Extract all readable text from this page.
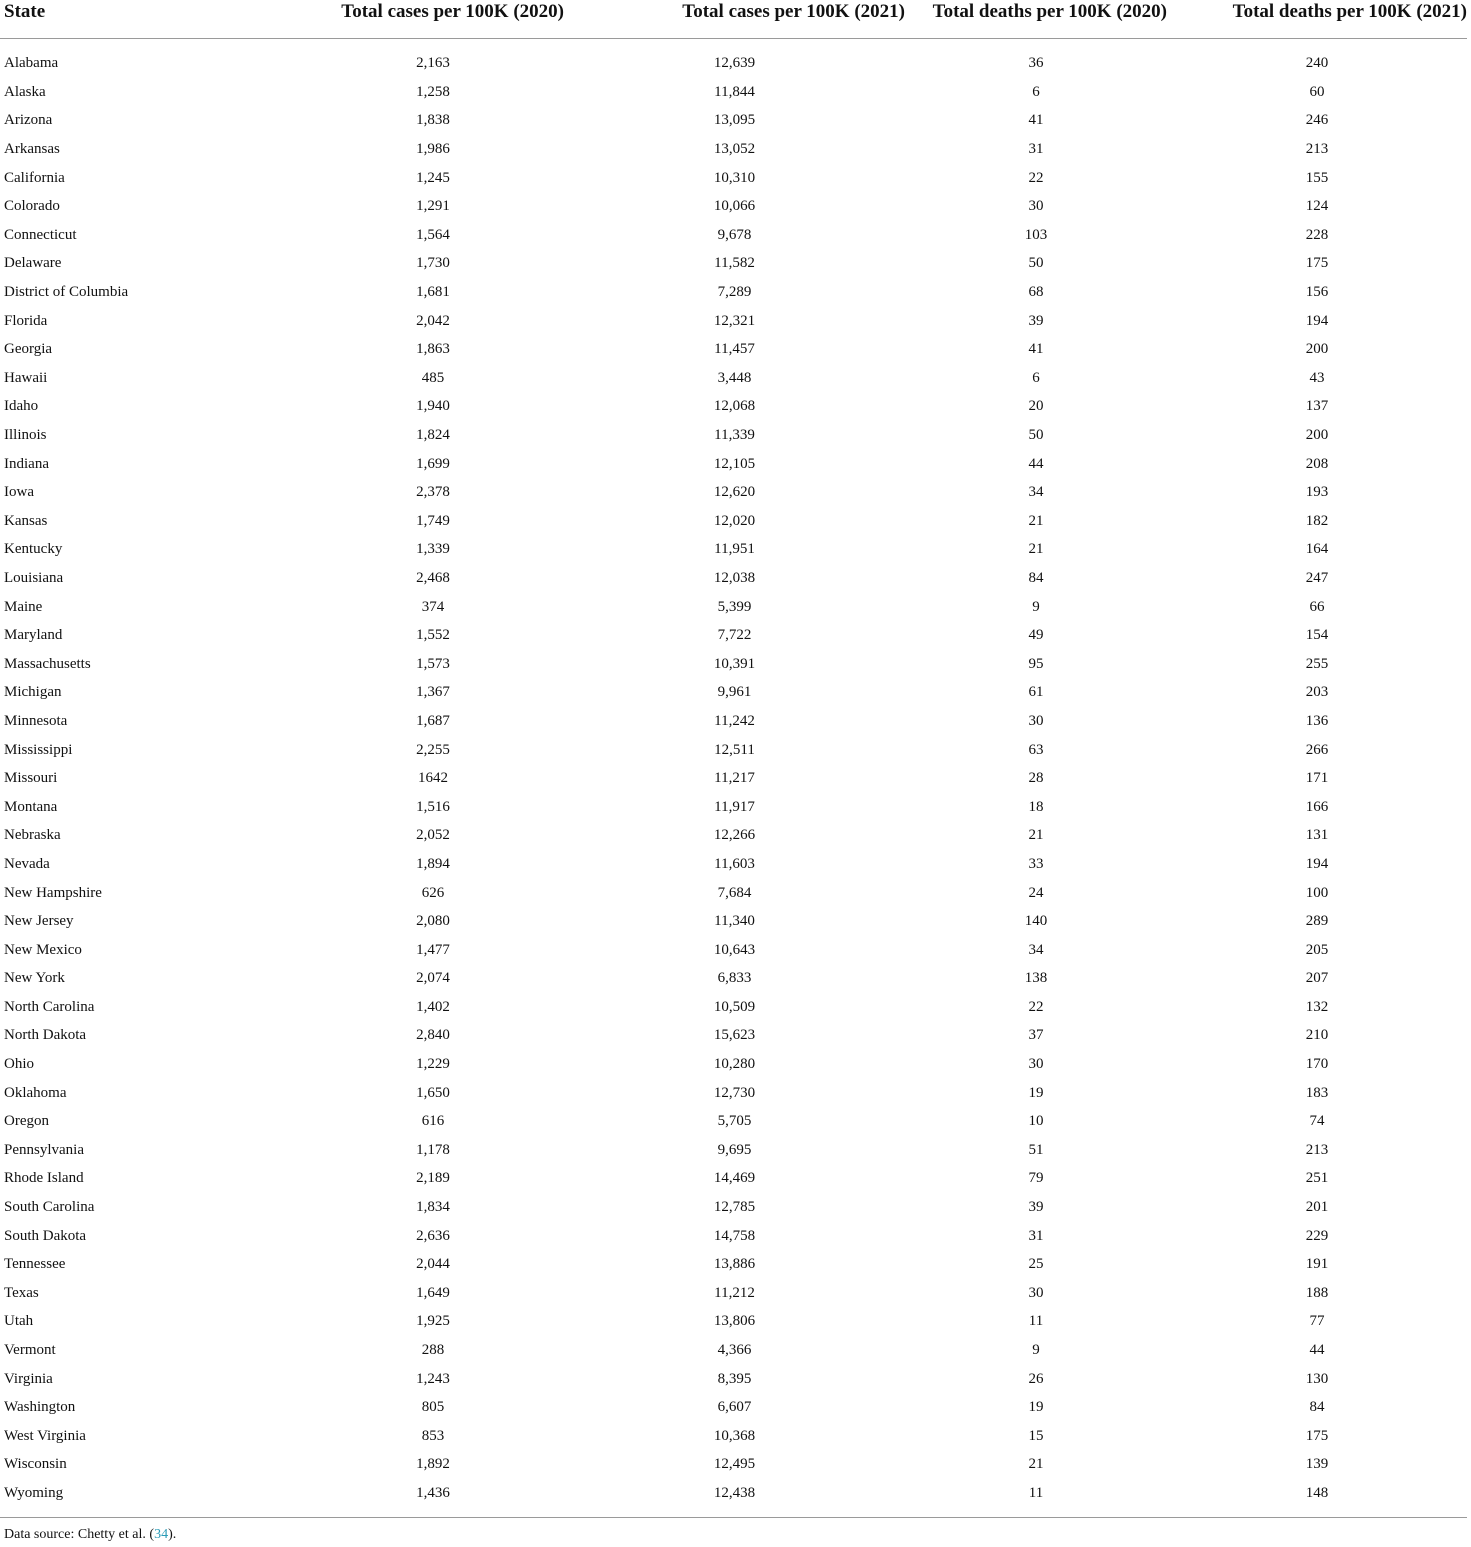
State	Total cases per 100K (2020)	Total cases per 100K (2021)	Total deaths per 100K (2020)	Total deaths per 100K (2021)
Alabama	2,163	12,639	36	240
Alaska	1,258	11,844	6	60
Arizona	1,838	13,095	41	246
Arkansas	1,986	13,052	31	213
California	1,245	10,310	22	155
Colorado	1,291	10,066	30	124
Connecticut	1,564	9,678	103	228
Delaware	1,730	11,582	50	175
District of Columbia	1,681	7,289	68	156
Florida	2,042	12,321	39	194
Georgia	1,863	11,457	41	200
Hawaii	485	3,448	6	43
Idaho	1,940	12,068	20	137
Illinois	1,824	11,339	50	200
Indiana	1,699	12,105	44	208
Iowa	2,378	12,620	34	193
Kansas	1,749	12,020	21	182
Kentucky	1,339	11,951	21	164
Louisiana	2,468	12,038	84	247
Maine	374	5,399	9	66
Maryland	1,552	7,722	49	154
Massachusetts	1,573	10,391	95	255
Michigan	1,367	9,961	61	203
Minnesota	1,687	11,242	30	136
Mississippi	2,255	12,511	63	266
Missouri	1642	11,217	28	171
Montana	1,516	11,917	18	166
Nebraska	2,052	12,266	21	131
Nevada	1,894	11,603	33	194
New Hampshire	626	7,684	24	100
New Jersey	2,080	11,340	140	289
New Mexico	1,477	10,643	34	205
New York	2,074	6,833	138	207
North Carolina	1,402	10,509	22	132
North Dakota	2,840	15,623	37	210
Ohio	1,229	10,280	30	170
Oklahoma	1,650	12,730	19	183
Oregon	616	5,705	10	74
Pennsylvania	1,178	9,695	51	213
Rhode Island	2,189	14,469	79	251
South Carolina	1,834	12,785	39	201
South Dakota	2,636	14,758	31	229
Tennessee	2,044	13,886	25	191
Texas	1,649	11,212	30	188
Utah	1,925	13,806	11	77
Vermont	288	4,366	9	44
Virginia	1,243	8,395	26	130
Washington	805	6,607	19	84
West Virginia	853	10,368	15	175
Wisconsin	1,892	12,495	21	139
Wyoming	1,436	12,438	11	148
Data source: Chetty et al. (34).
